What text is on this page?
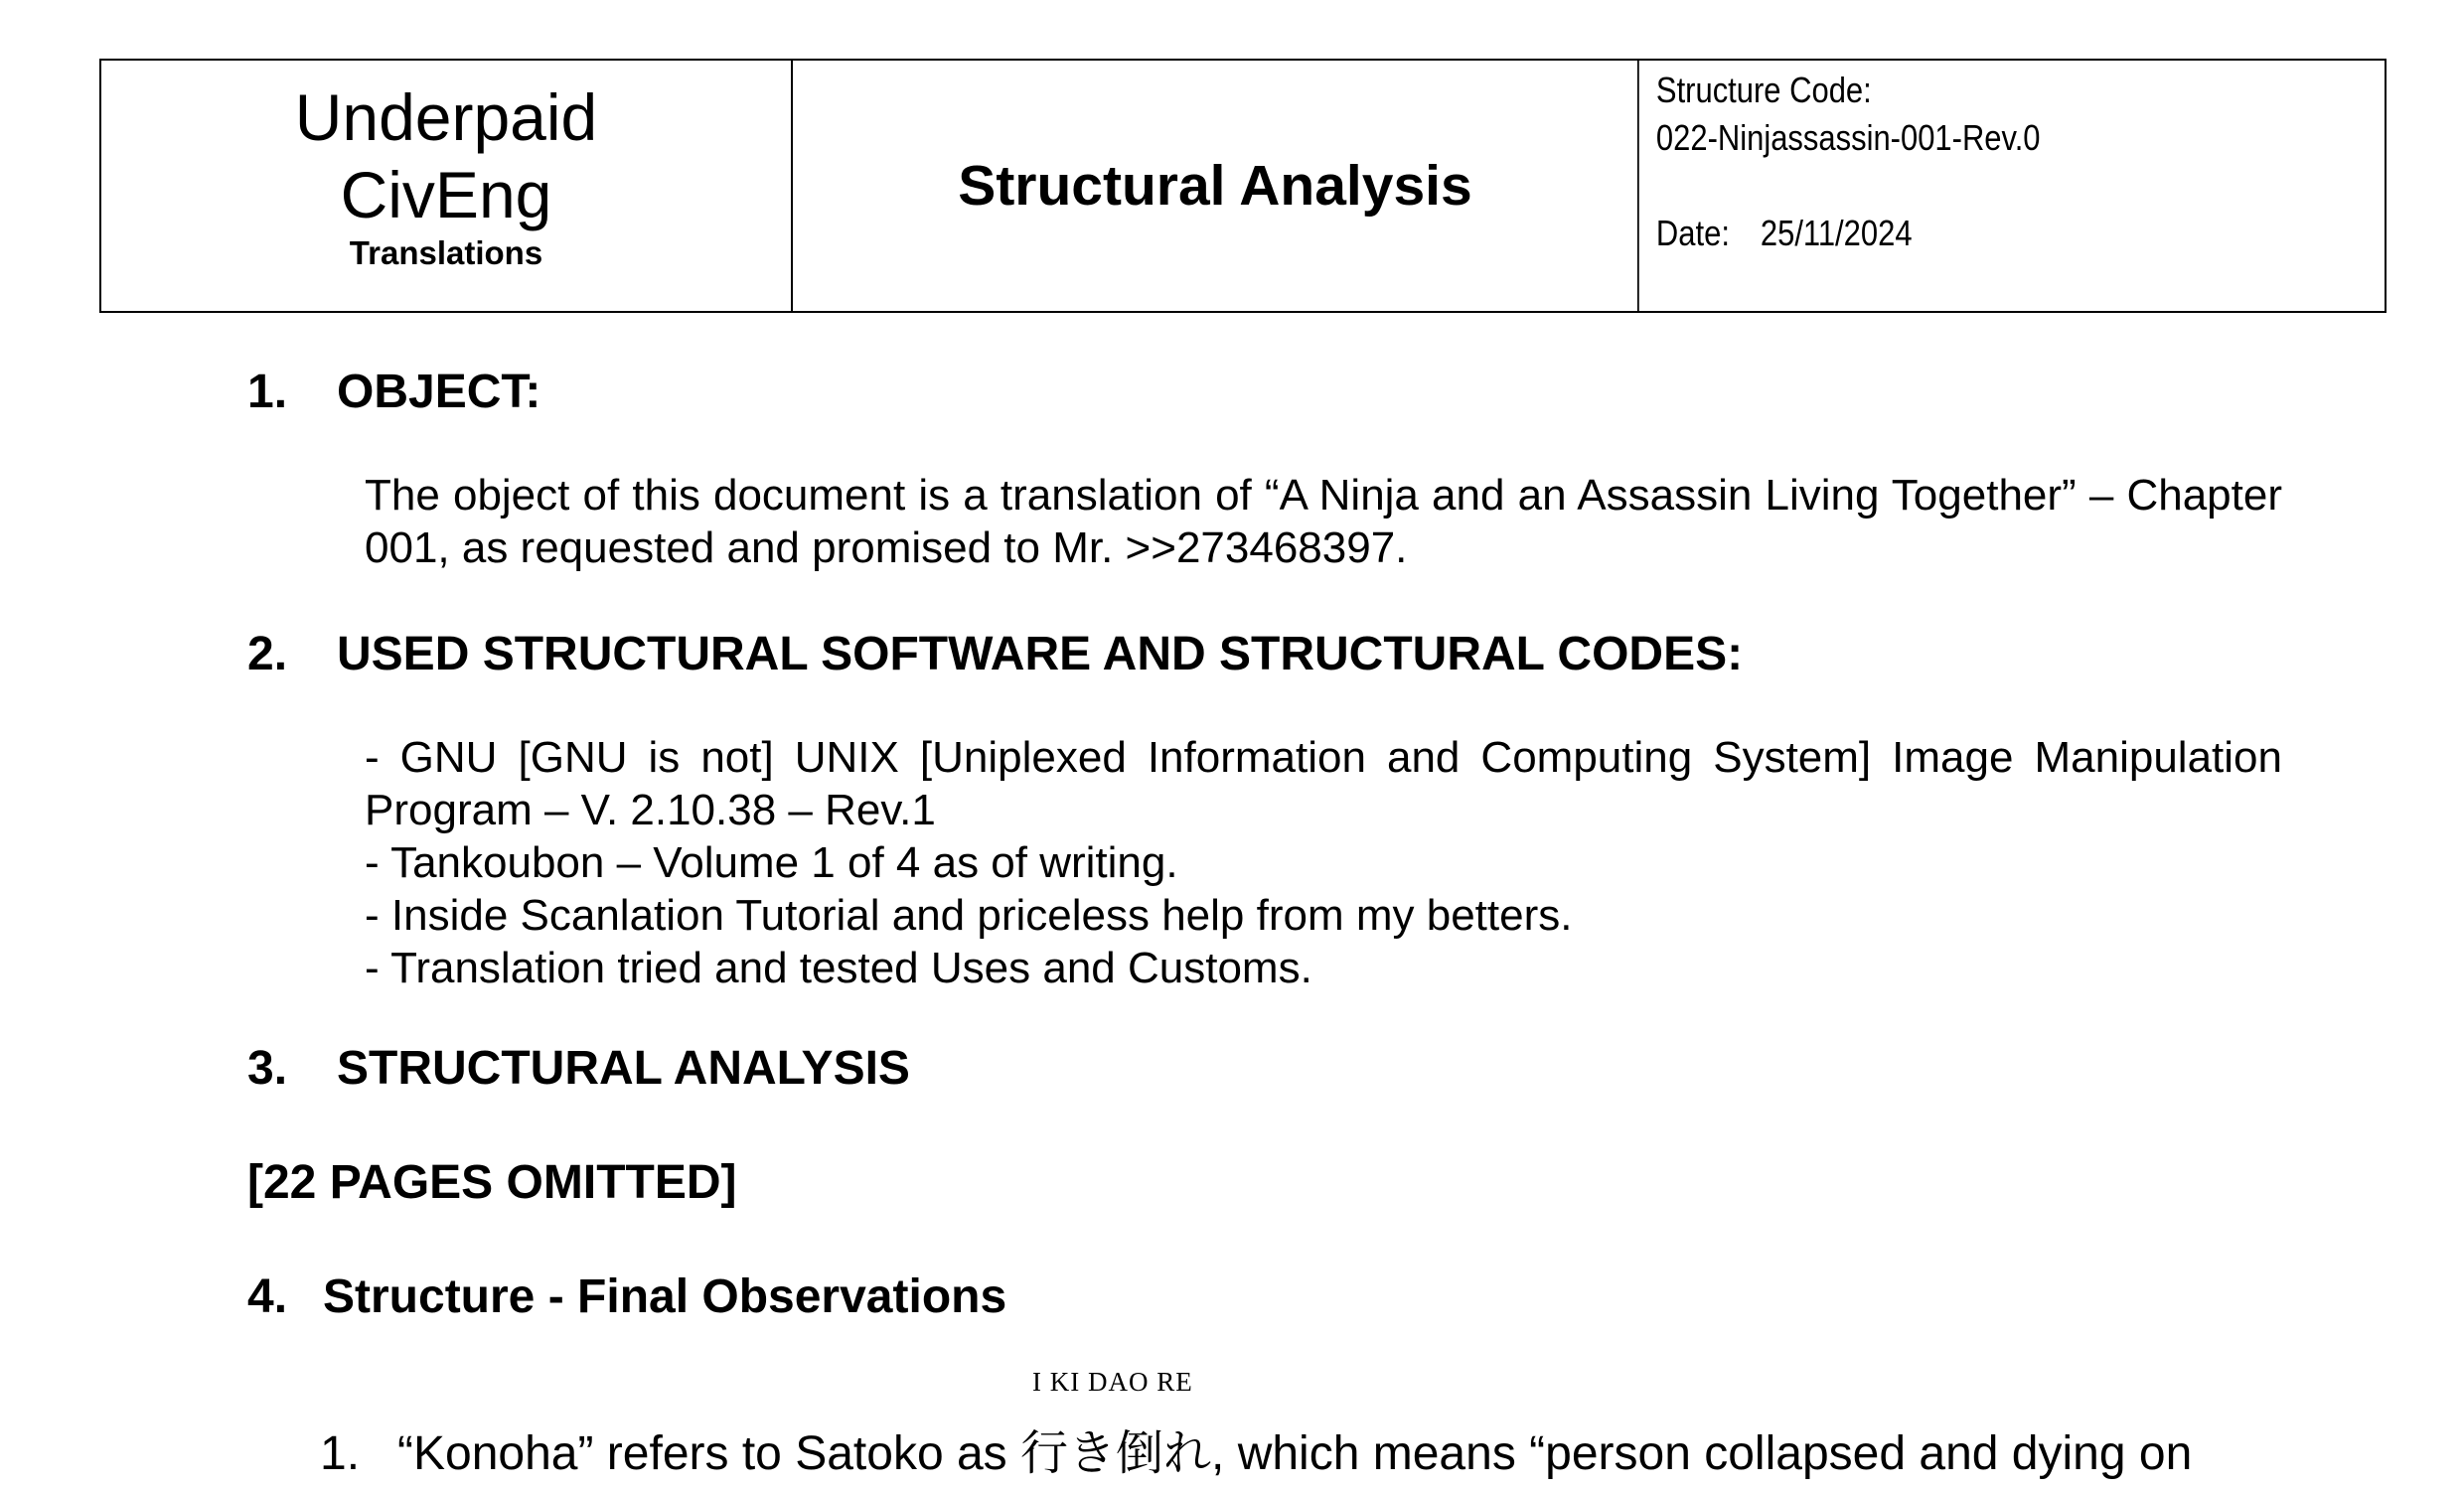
Underpaid
CivEng
Translations
Structural Analysis
Structure Code:
022-Ninjassassin-001-Rev.0
Date: 25/11/2024
1. OBJECT:
The object of this document is a translation of “A Ninja and an Assassin Living Together” – Chapter 001, as requested and promised to Mr. >>273468397.
2. USED STRUCTURAL SOFTWARE AND STRUCTURAL CODES:
- GNU [GNU is not] UNIX [Uniplexed Information and Computing System] Image Manipulation Program – V. 2.10.38 – Rev.1
- Tankoubon – Volume 1 of 4 as of writing.
- Inside Scanlation Tutorial and priceless help from my betters.
- Translation tried and tested Uses and Customs.
3. STRUCTURAL ANALYSIS
[22 PAGES OMITTED]
4. Structure - Final Observations
1. “Konoha” refers to Satoko as
I KI DAO RE
行き倒れ, which means “person collapsed and dying on
